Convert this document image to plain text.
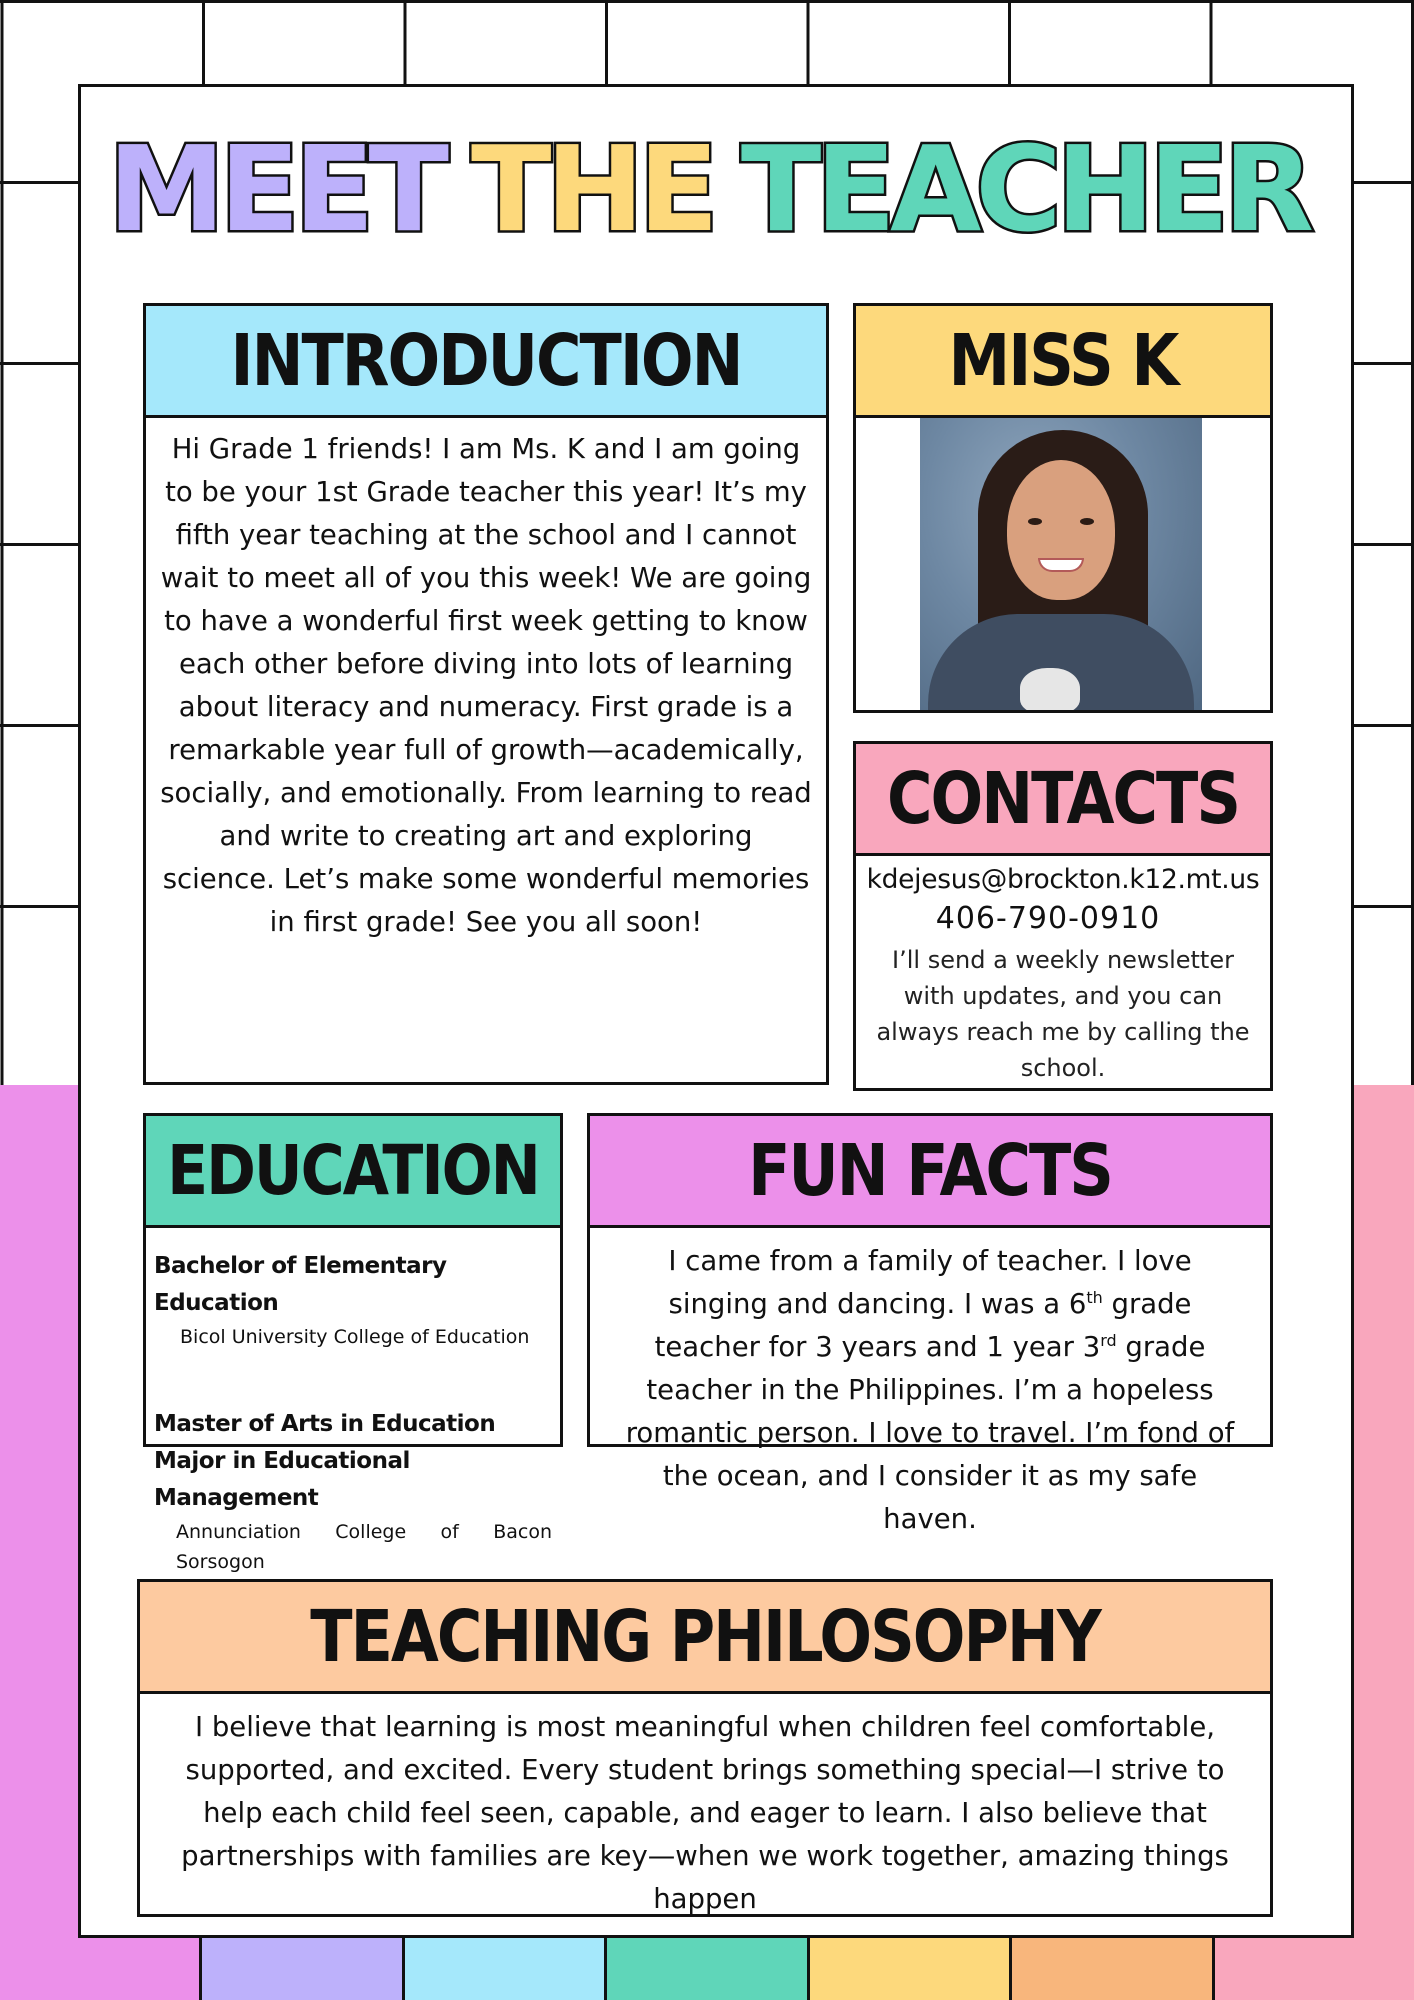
MEET THE TEACHER
INTRODUCTION
Hi Grade 1 friends! I am Ms. K and I am going to be your 1st Grade teacher this year! It’s my fifth year teaching at the school and I cannot wait to meet all of you this week! We are going to have a wonderful first week getting to know each other before diving into lots of learning about literacy and numeracy. First grade is a remarkable year full of growth—academically, socially, and emotionally. From learning to read and write to creating art and exploring science. Let’s make some wonderful memories in first grade! See you all soon!
MISS K
CONTACTS
kdejesus@brockton.k12.mt.us
406-790-0910
I’ll send a weekly newsletter with updates, and you can always reach me by calling the school.
EDUCATION
Bachelor of Elementary Education
Bicol University College of Education
Master of Arts in Education Major in Educational Management
Annunciation College of Bacon Sorsogon
FUN FACTS
I came from a family of teacher. I love singing and dancing. I was a 6th grade teacher for 3 years and 1 year 3rd grade teacher in the Philippines. I’m a hopeless romantic person. I love to travel. I’m fond of the ocean, and I consider it as my safe haven.
TEACHING PHILOSOPHY
I believe that learning is most meaningful when children feel comfortable, supported, and excited. Every student brings something special—I strive to help each child feel seen, capable, and eager to learn. I also believe that partnerships with families are key—when we work together, amazing things happen
